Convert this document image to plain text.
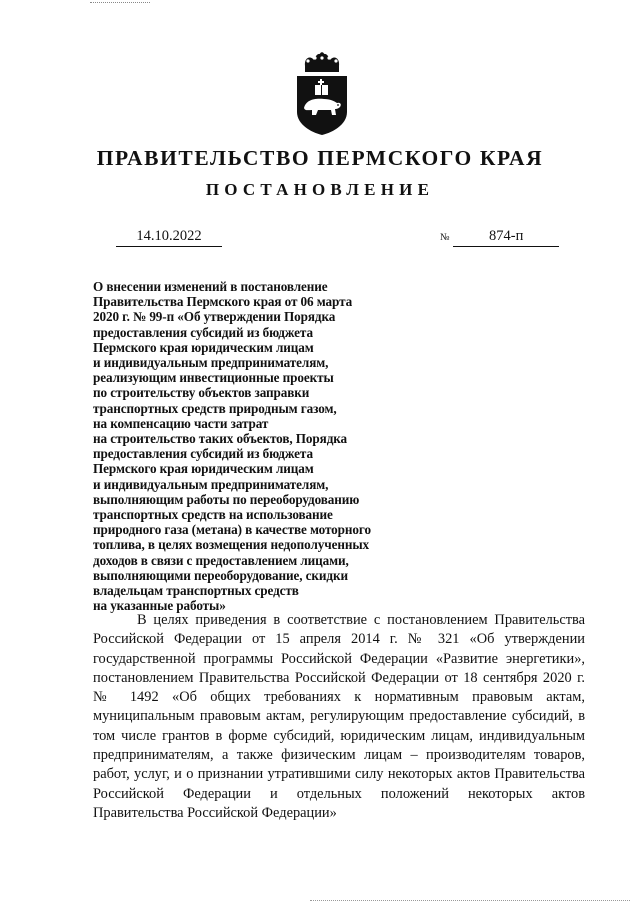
ПРАВИТЕЛЬСТВО ПЕРМСКОГО КРАЯ
ПОСТАНОВЛЕНИЕ
14.10.2022	№	874-п
О внесении изменений в постановление
Правительства Пермского края от 06 марта
2020 г. № 99-п «Об утверждении Порядка
предоставления субсидий из бюджета
Пермского края юридическим лицам
и индивидуальным предпринимателям,
реализующим инвестиционные проекты
по строительству объектов заправки
транспортных средств природным газом,
на компенсацию части затрат
на строительство таких объектов, Порядка
предоставления субсидий из бюджета
Пермского края юридическим лицам
и индивидуальным предпринимателям,
выполняющим работы по переоборудованию
транспортных средств на использование
природного газа (метана) в качестве моторного
топлива, в целях возмещения недополученных
доходов в связи с предоставлением лицами,
выполняющими переоборудование, скидки
владельцам транспортных средств
на указанные работы»
В целях приведения в соответствие с постановлением Правительства Российской Федерации от 15 апреля 2014 г. № 321 «Об утверждении государственной программы Российской Федерации «Развитие энергетики», постановлением Правительства Российской Федерации от 18 сентября 2020 г. № 1492 «Об общих требованиях к нормативным правовым актам, муниципальным правовым актам, регулирующим предоставление субсидий, в том числе грантов в форме субсидий, юридическим лицам, индивидуальным предпринимателям, а также физическим лицам – производителям товаров, работ, услуг, и о признании утратившими силу некоторых актов Правительства Российской Федерации и отдельных положений некоторых актов Правительства Российской Федерации»
